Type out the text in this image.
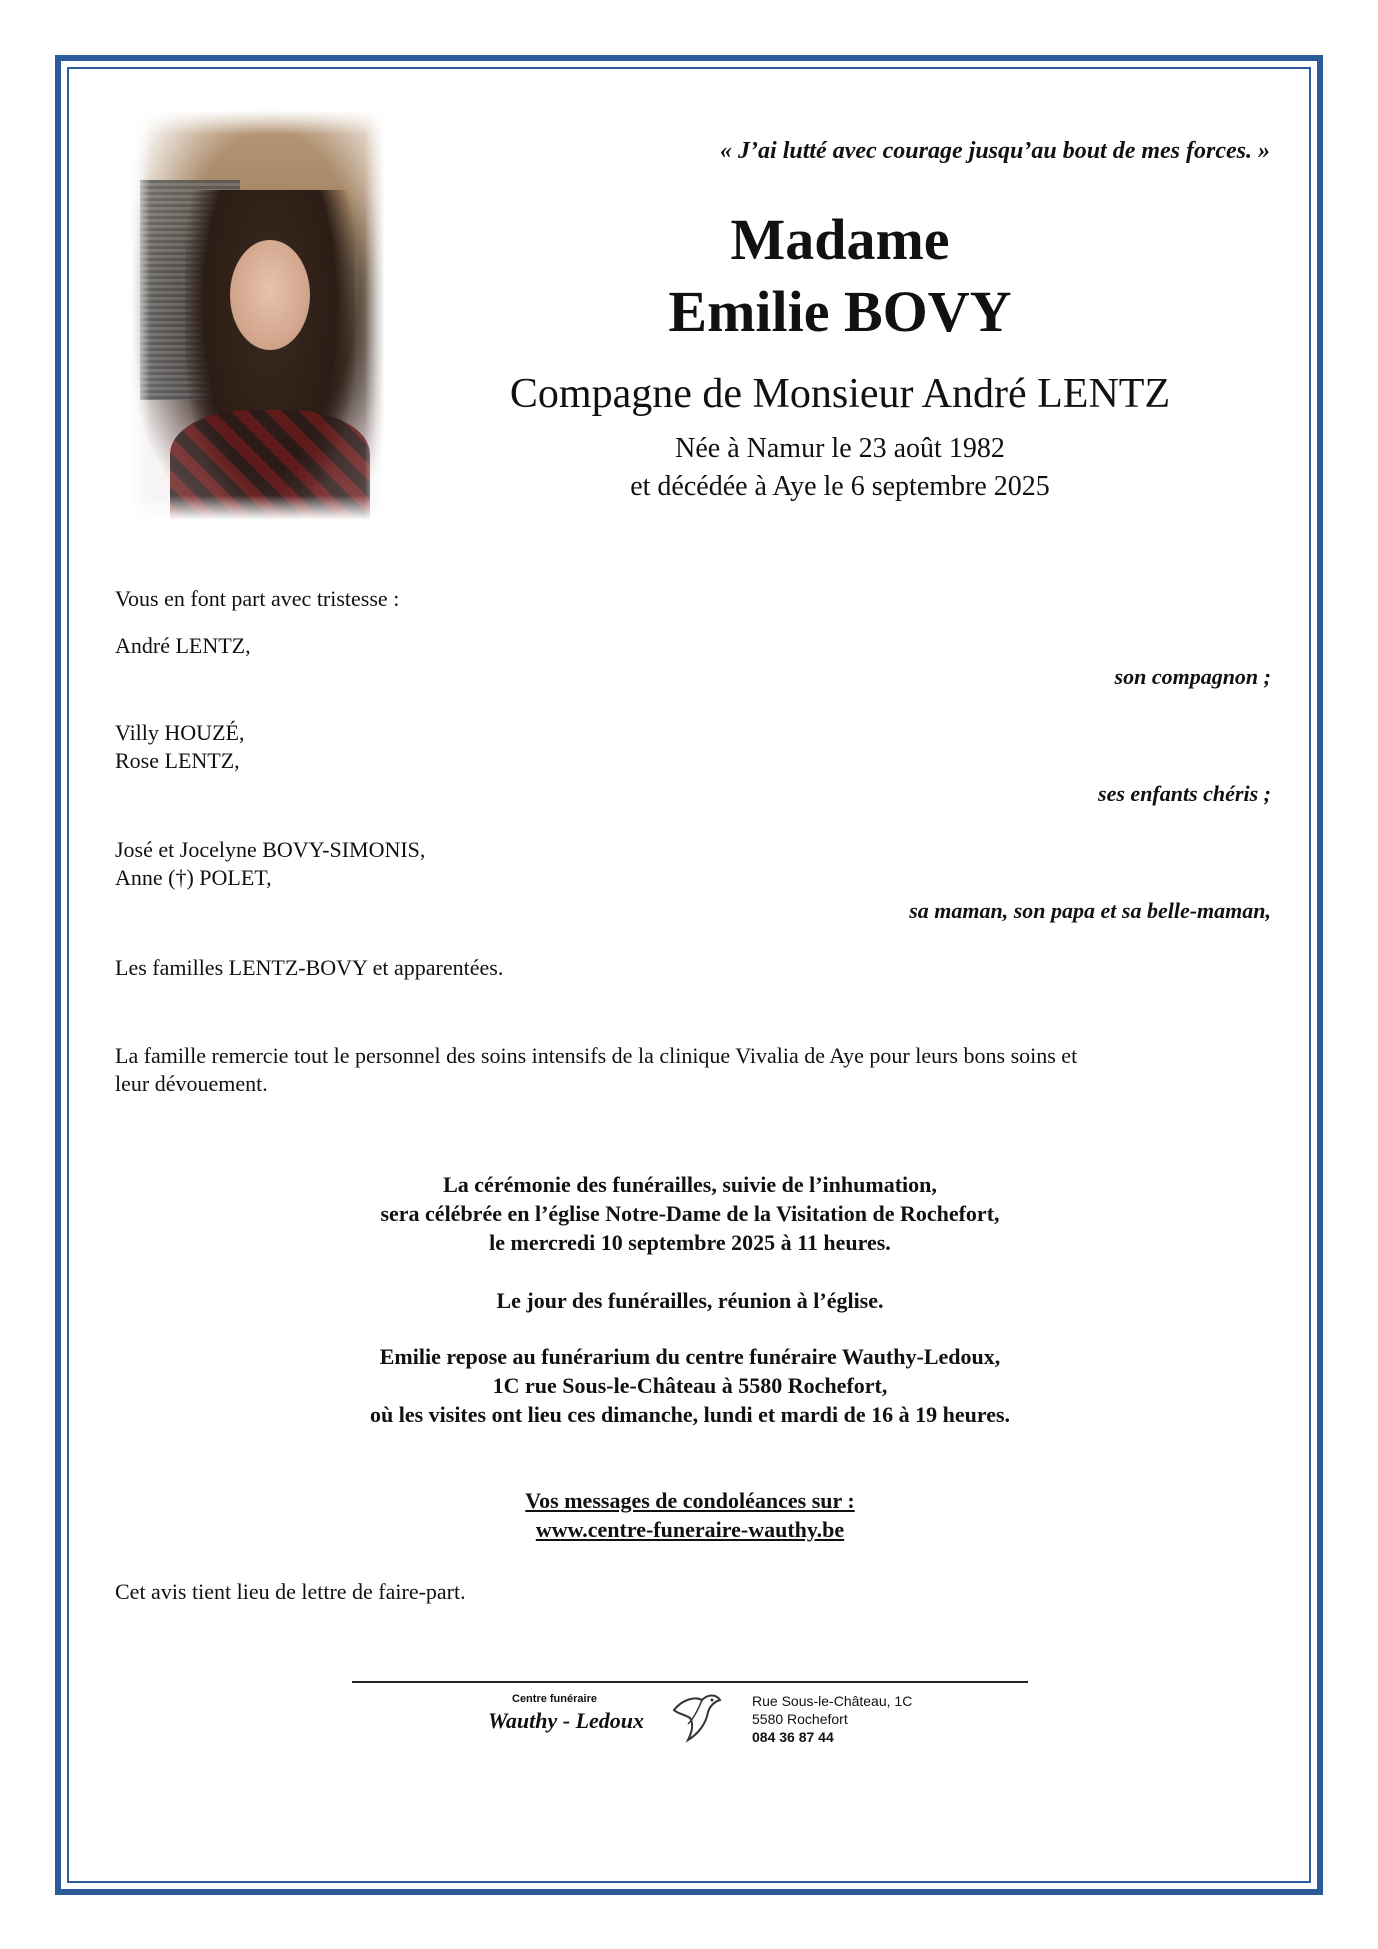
« J’ai lutté avec courage jusqu’au bout de mes forces. »
Madame
Emilie BOVY
Compagne de Monsieur André LENTZ
Née à Namur le 23 août 1982
et décédée à Aye le 6 septembre 2025
Vous en font part avec tristesse :
André LENTZ,
son compagnon ;
Villy HOUZÉ,
Rose LENTZ,
ses enfants chéris ;
José et Jocelyne BOVY-SIMONIS,
Anne (†) POLET,
sa maman, son papa et sa belle-maman,
Les familles LENTZ-BOVY et apparentées.
La famille remercie tout le personnel des soins intensifs de la clinique Vivalia de Aye pour leurs bons soins et
leur dévouement.
La cérémonie des funérailles, suivie de l’inhumation,
sera célébrée en l’église Notre-Dame de la Visitation de Rochefort,
le mercredi 10 septembre 2025 à 11 heures.
Le jour des funérailles, réunion à l’église.
Emilie repose au funérarium du centre funéraire Wauthy-Ledoux,
1C rue Sous-le-Château à 5580 Rochefort,
où les visites ont lieu ces dimanche, lundi et mardi de 16 à 19 heures.
Vos messages de condoléances sur :
www.centre-funeraire-wauthy.be
Cet avis tient lieu de lettre de faire-part.
Centre funéraire
Wauthy - Ledoux
Rue Sous-le-Château, 1C
5580 Rochefort
084 36 87 44
